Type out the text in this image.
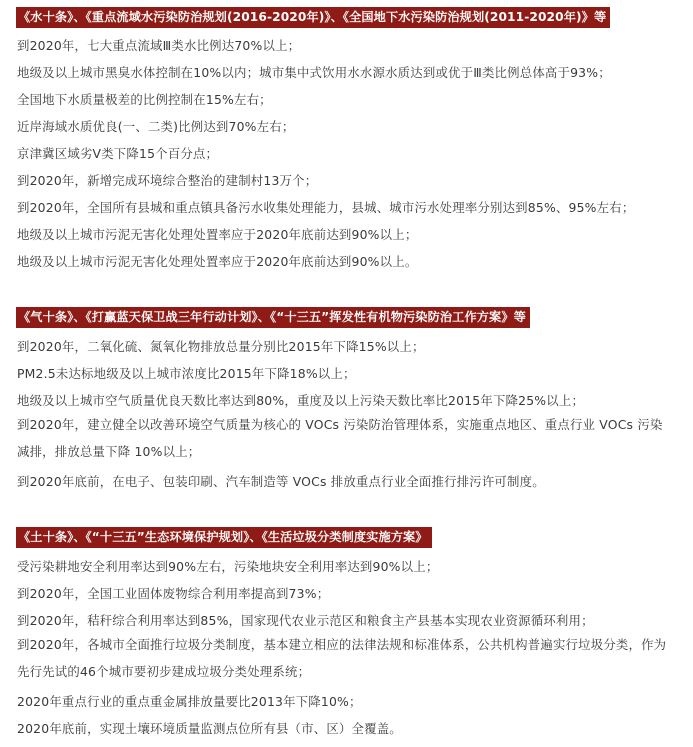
《水十条》、《重点流域水污染防治规划(2016-2020年)》、《全国地下水污染防治规划(2011-2020年)》等
到2020年，七大重点流域Ⅲ类水比例达70%以上；
地级及以上城市黑臭水体控制在10%以内；城市集中式饮用水水源水质达到或优于Ⅲ类比例总体高于93%；
全国地下水质量极差的比例控制在15%左右；
近岸海域水质优良(一、二类)比例达到70%左右；
京津冀区域劣Ⅴ类下降15个百分点；
到2020年，新增完成环境综合整治的建制村13万个；
到2020年，全国所有县城和重点镇具备污水收集处理能力，县城、城市污水处理率分别达到85%、95%左右；
地级及以上城市污泥无害化处理处置率应于2020年底前达到90%以上；
地级及以上城市污泥无害化处理处置率应于2020年底前达到90%以上。
《气十条》、《打赢蓝天保卫战三年行动计划》、《“十三五”挥发性有机物污染防治工作方案》等
到2020年，二氧化硫、氮氧化物排放总量分别比2015年下降15%以上；
PM2.5未达标地级及以上城市浓度比2015年下降18%以上；
地级及以上城市空气质量优良天数比率达到80%，重度及以上污染天数比率比2015年下降25%以上；
到2020年，建立健全以改善环境空气质量为核心的 VOCs 污染防治管理体系，实施重点地区、重点行业 VOCs 污染减排，排放总量下降 10%以上；
到2020年底前，在电子、包装印刷、汽车制造等 VOCs 排放重点行业全面推行排污许可制度。
《土十条》、《“十三五”生态环境保护规划》、《生活垃圾分类制度实施方案》
受污染耕地安全利用率达到90%左右，污染地块安全利用率达到90%以上；
到2020年，全国工业固体废物综合利用率提高到73%；
到2020年，秸秆综合利用率达到85%，国家现代农业示范区和粮食主产县基本实现农业资源循环利用；
到2020年，各城市全面推行垃圾分类制度，基本建立相应的法律法规和标准体系，公共机构普遍实行垃圾分类，作为先行先试的46个城市要初步建成垃圾分类处理系统；
2020年重点行业的重点重金属排放量要比2013年下降10%；
2020年底前，实现土壤环境质量监测点位所有县（市、区）全覆盖。
